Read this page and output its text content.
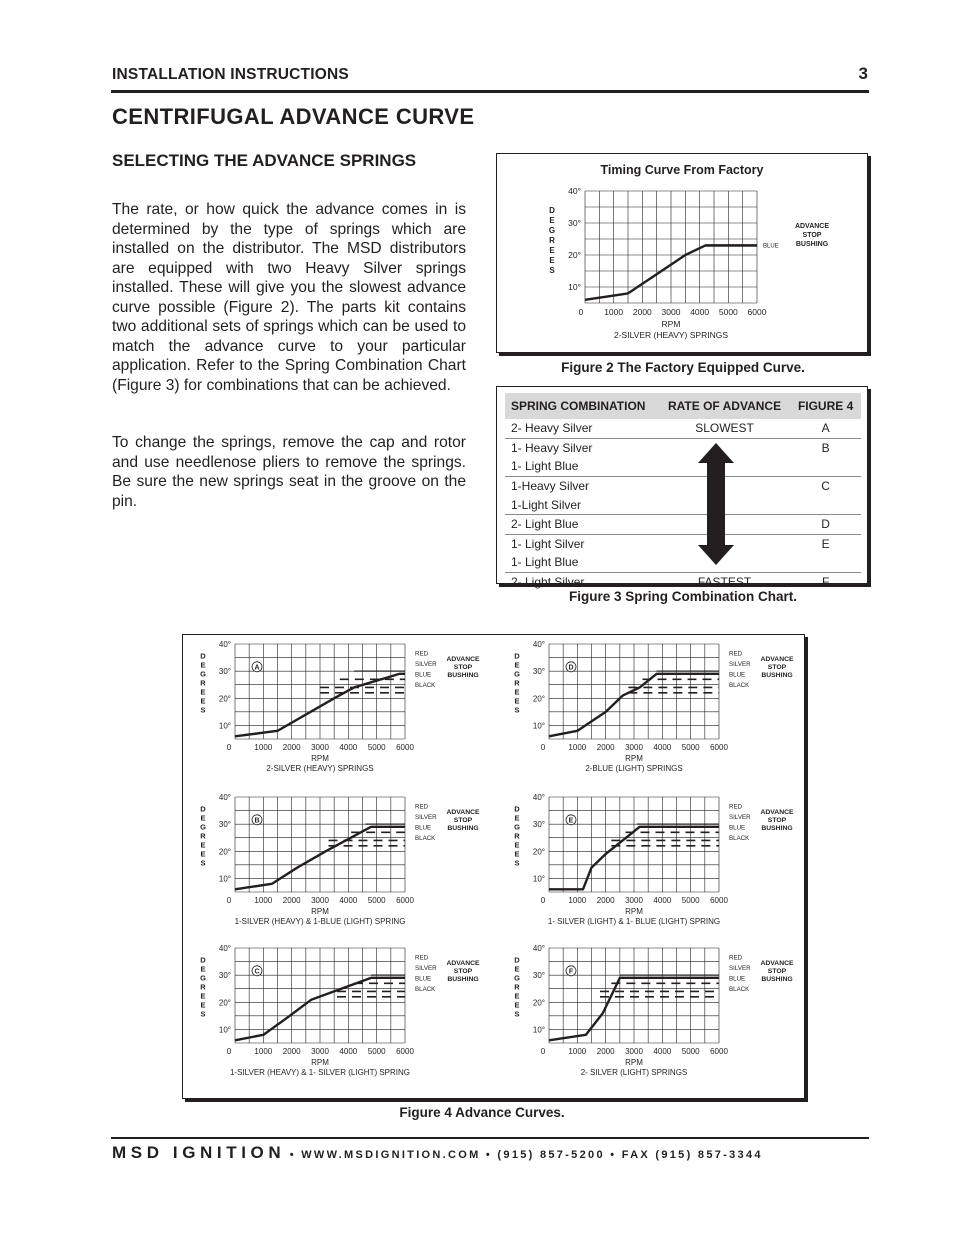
INSTALLATION INSTRUCTIONS	3
CENTRIFUGAL ADVANCE CURVE
SELECTING THE ADVANCE SPRINGS
The rate, or how quick the advance comes in is determined by the type of springs which are installed on the distributor. The MSD distributors are equipped with two Heavy Silver springs installed. These will give you the slowest advance curve possible (Figure 2). The parts kit contains two additional sets of springs which can be used to match the advance curve to your particular application. Refer to the Spring Combination Chart (Figure 3) for combinations that can be achieved.
To change the springs, remove the cap and rotor and use needlenose pliers to remove the springs. Be sure the new springs seat in the groove on the pin.
Timing Curve From Factory
10°
20°
30°
40°
0 1000 2000 3000 4000 5000 6000
D
E
G
R
E
E
S
RPM
2-SILVER (HEAVY) SPRINGS
BLUE
ADVANCE
STOP
BUSHING
Figure 2 The Factory Equipped Curve.
SPRING COMBINATION	RATE OF ADVANCE	FIGURE 4
2- Heavy Silver	SLOWEST	A
1- Heavy Silver		B
1- Light Blue		
1-Heavy Silver		C
1-Light Silver		
2- Light Blue		D
1- Light Silver		E
1- Light Blue		
2- Light Silver	FASTEST	F
Figure 3 Spring Combination Chart.
10°
20°
30°
40°
0	1000 2000 3000 4000 5000 6000
D
E
G
R
E
E
S
RPM
2-SILVER (HEAVY) SPRINGS
RED
SILVER
BLUE
BLACK
ADVANCE
STOP
BUSHING
A
10°
20°
30°
40°
0	1000 2000 3000 4000 5000 6000
D
E
G
R
E
E
S
RPM
2-BLUE (LIGHT) SPRINGS
RED
SILVER
BLUE
BLACK
ADVANCE
STOP
BUSHING
D
10°
20°
30°
40°
0	1000 2000 3000 4000 5000 6000
D
E
G
R
E
E
S
RPM
1-SILVER (HEAVY) & 1-BLUE (LIGHT) SPRING
RED
SILVER
BLUE
BLACK
ADVANCE
STOP
BUSHING
B
10°
20°
30°
40°
0	1000 2000 3000 4000 5000 6000
D
E
G
R
E
E
S
RPM
1- SILVER (LIGHT) & 1- BLUE (LIGHT) SPRING
RED
SILVER
BLUE
BLACK
ADVANCE
STOP
BUSHING
E
10°
20°
30°
40°
0	1000 2000 3000 4000 5000 6000
D
E
G
R
E
E
S
RPM
1-SILVER (HEAVY) & 1- SILVER (LIGHT) SPRING
RED
SILVER
BLUE
BLACK
ADVANCE
STOP
BUSHING
C
10°
20°
30°
40°
0	1000 2000 3000 4000 5000 6000
D
E
G
R
E
E
S
RPM
2- SILVER (LIGHT) SPRINGS
RED
SILVER
BLUE
BLACK
ADVANCE
STOP
BUSHING
F
Figure 4 Advance Curves.
MSD IGNITION • WWW.MSDIGNITION.COM • (915) 857-5200 • FAX (915) 857-3344
